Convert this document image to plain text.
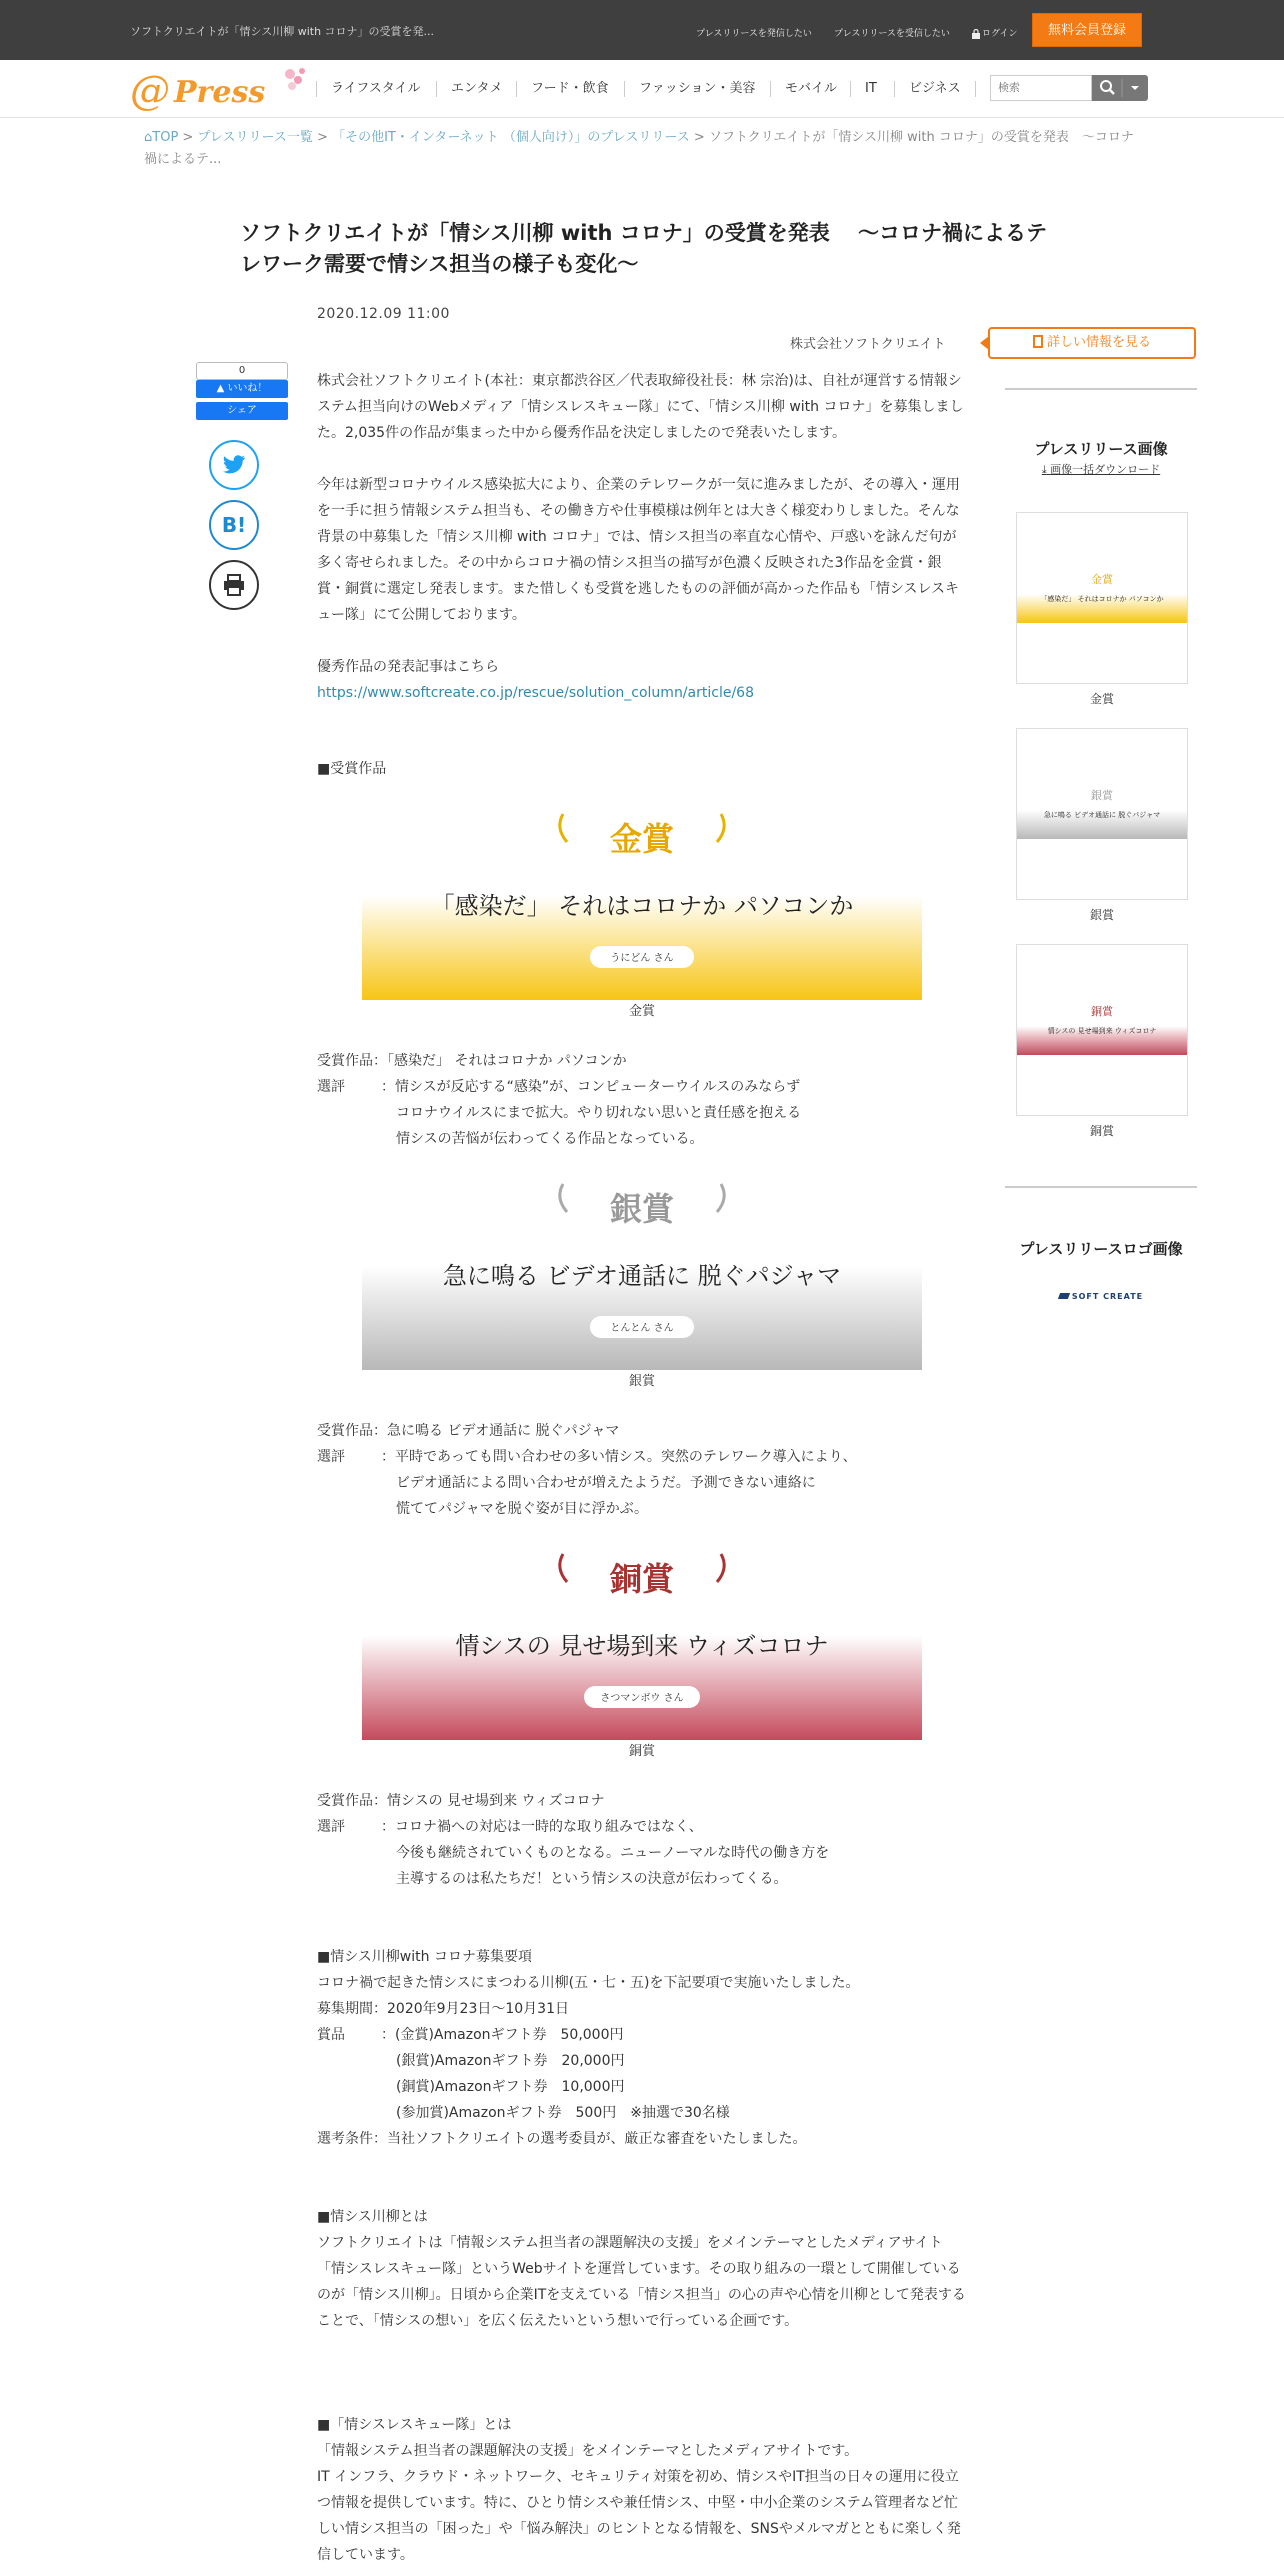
ソフトクリエイトが「情シス川柳 with コロナ」の受賞を発...	プレスリリースを発信したい プレスリリースを受信したい	ログイン	無料会員登録
@ Press	ライフスタイル	エンタメ	フード・飲食	ファッション・美容	モバイル	IT	ビジネス
検索
⌂TOP > プレスリリース一覧 > 「その他IT・インターネット （個人向け）」のプレスリリース > ソフトクリエイトが「情シス川柳 with コロナ」の受賞を発表　～コロナ禍によるテ...
ソフトクリエイトが「情シス川柳 with コロナ」の受賞を発表　 ～コロナ禍によるテレワーク需要で情シス担当の様子も変化～
2020.12.09 11:00
株式会社ソフトクリエイト	詳しい情報を見る
0
▲ いいね！
シェア
B!

株式会社ソフトクリエイト(本社：東京都渋谷区／代表取締役社長：林 宗治)は、自社が運営する情報システム担当向けのWebメディア「情シスレスキュー隊」にて、「情シス川柳 with コロナ」を募集しました。2,035件の作品が集まった中から優秀作品を決定しましたので発表いたします。

今年は新型コロナウイルス感染拡大により、企業のテレワークが一気に進みましたが、その導入・運用を一手に担う情報システム担当も、その働き方や仕事模様は例年とは大きく様変わりしました。そんな背景の中募集した「情シス川柳 with コロナ」では、情シス担当の率直な心情や、戸惑いを詠んだ句が多く寄せられました。その中からコロナ禍の情シス担当の描写が色濃く反映された3作品を金賞・銀賞・銅賞に選定し発表します。また惜しくも受賞を逃したものの評価が高かった作品も「情シスレスキュー隊」にて公開しております。

優秀作品の発表記事はこちら

https://www.softcreate.co.jp/rescue/solution_column/article/68

■受賞作品

金賞
「感染だ」 それはコロナか パソコンか
うにどん さん
金賞
受賞作品：「感染だ」 それはコロナか パソコンか
選評	：情シスが反応する“感染”が、コンピューターウイルスのみならず
コロナウイルスにまで拡大。やり切れない思いと責任感を抱える
情シスの苦悩が伝わってくる作品となっている。
銀賞
急に鳴る ビデオ通話に 脱ぐパジャマ
とんとん さん
銀賞
受賞作品：急に鳴る ビデオ通話に 脱ぐパジャマ
選評	：平時であっても問い合わせの多い情シス。突然のテレワーク導入により、
ビデオ通話による問い合わせが増えたようだ。予測できない連絡に
慌ててパジャマを脱ぐ姿が目に浮かぶ。
銅賞
情シスの 見せ場到来 ウィズコロナ
さつマンボウ さん
銅賞
受賞作品：情シスの 見せ場到来 ウィズコロナ
選評	：コロナ禍への対応は一時的な取り組みではなく、
今後も継続されていくものとなる。ニューノーマルな時代の働き方を
主導するのは私たちだ！という情シスの決意が伝わってくる。
■情シス川柳with コロナ募集要項
コロナ禍で起きた情シスにまつわる川柳(五・七・五)を下記要項で実施いたしました。
募集期間：2020年9月23日～10月31日
賞品	：(金賞)Amazonギフト券　50,000円
(銀賞)Amazonギフト券　20,000円
(銅賞)Amazonギフト券　10,000円
(参加賞)Amazonギフト券　500円　※抽選で30名様
選考条件：当社ソフトクリエイトの選考委員が、厳正な審査をいたしました。
■情シス川柳とは
ソフトクリエイトは「情報システム担当者の課題解決の支援」をメインテーマとしたメディアサイト「情シスレスキュー隊」というWebサイトを運営しています。その取り組みの一環として開催しているのが「情シス川柳」。日頃から企業ITを支えている「情シス担当」の心の声や心情を川柳として発表することで、「情シスの想い」を広く伝えたいという想いで行っている企画です。
■「情シスレスキュー隊」とは
「情報システム担当者の課題解決の支援」をメインテーマとしたメディアサイトです。
IT インフラ、クラウド・ネットワーク、セキュリティ対策を初め、情シスやIT担当の日々の運用に役立つ情報を提供しています。特に、ひとり情シスや兼任情シス、中堅・中小企業のシステム管理者など忙しい情シス担当の「困った」や「悩み解決」のヒントとなる情報を、SNSやメルマガとともに楽しく発信しています。
プレスリリース画像
⤓ 画像一括ダウンロード
金賞
「感染だ」 それはコロナか パソコンか
金賞
銀賞
急に鳴る ビデオ通話に 脱ぐパジャマ
銀賞
銅賞
情シスの 見せ場到来 ウィズコロナ
銅賞
プレスリリースロゴ画像
SOFT CREATE
